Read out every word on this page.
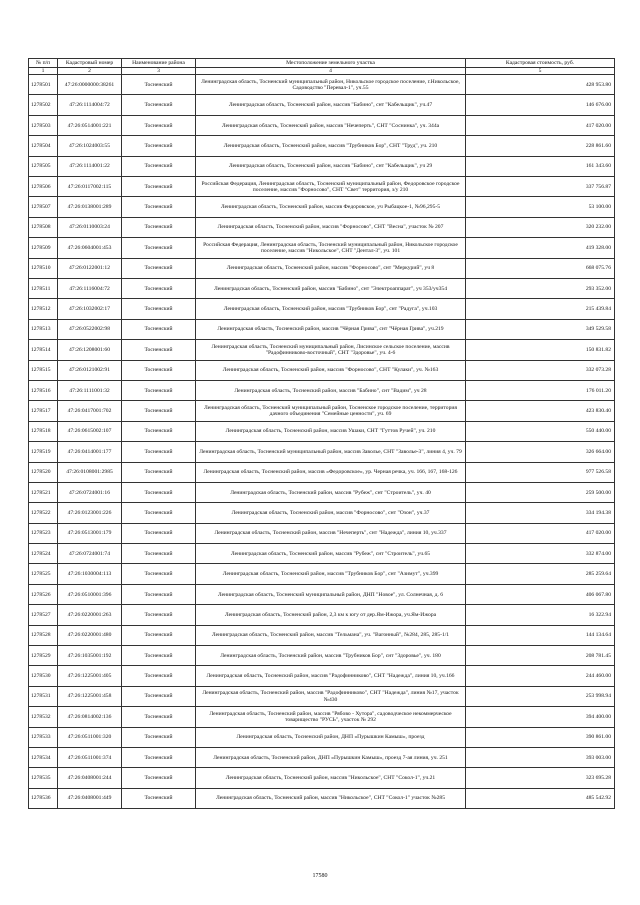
№ п/п	Кадастровый номер	Наименование района	Местоположение земельного участка	Кадастровая стоимость, руб.
1	2	3	4	5
1278501	47:26:0000000:38261	Тосненский	Ленинградская область, Тосненский муниципальный район, Никольское городское поселение, г.Никольское, Садоводство "Перевал-1", уч.55	428 953.80
1278502	47:26:1114004:72	Тосненский	Ленинградская область, Тосненский район, массив "Бабино", снт "Кабельщик", уч.47	146 676.00
1278503	47:26:0514001:221	Тосненский	Ленинградская область, Тосненский район, массив "Нечеперть", СНТ "Соснинка", уч. 344а	417 020.00
1278504	47:26:1024003:55	Тосненский	Ленинградская область, Тосненский район, массив "Трубников Бор", СНТ "Труд", уч. 210	228 861.60
1278505	47:26:1114001:22	Тосненский	Ленинградская область, Тосненский район, массив "Бабино", снт "Кабельщик", уч 29	161 343.60
1278506	47:26:0117002:115	Тосненский	Российская Федерация, Ленинградская область, Тосненский муниципальный район, Федоровское городское поселение, массив "Форносово", СНТ "Свет" территория, з/у 210	337 756.87
1278507	47:26:0138001:289	Тосненский	Ленинградская область, Тосненский район, массив Федоровское, уч Рыбацкое-1, №96,295-5	53 100.00
1278508	47:26:0110003:24	Тосненский	Ленинградская область, Тосненский район, массив "Форносово", СНТ "Весна", участок № 207	320 232.00
1278509	47:26:0604001:453	Тосненский	Российская Федерация, Ленинградская область, Тосненский муниципальный район, Никольское городское поселение, массив "Никольское", СНТ "Дентал-3", уч. 101	419 328.00
1278510	47:26:0122001:12	Тосненский	Ленинградская область, Тосненский район, массив "Форносово", снт "Меркурий", уч 8	668 075.76
1278511	47:26:1116004:72	Тосненский	Ленинградская область, Тосненский район, массив "Бабино", снт "Электроаппарат", уч 353/уч354	293 352.00
1278512	47:26:1032002:17	Тосненский	Ленинградская область, Тосненский район, массив "Трубников Бор", снт "Радуга", уч.103	215 439.84
1278513	47:26:0522002:98	Тосненский	Ленинградская область, Тосненский район, массив "Чёрная Грива", снт "Чёрная Грива", уч.219	349 529.58
1278514	47:26:1208001:60	Тосненский	Ленинградская область, Тосненский муниципальный район, Лисинское сельское поселение, массив "Радофинниково-восточный", СНТ "Здоровье", уч. 4-6	150 831.82
1278515	47:26:0121002:91	Тосненский	Ленинградская область, Тосненский район, массив "Форносово", СНТ "Кулаки", уч. №163	332 073.28
1278516	47:26:1111001:32	Тосненский	Ленинградская область, Тосненский район, массив "Бабино", снт "Вадим", уч 28	176 011.20
1278517	47:26:0417001:702	Тосненский	Ленинградская область, Тосненский муниципальный район, Тосненское городское поселение, территория дачного объединения "Семейные ценности", уч. 69	423 830.40
1278518	47:26:0615002:107	Тосненский	Ленинградская область, Тосненский район, массив Ушаки, СНТ "Гуттов Ручей", уч. 210	550 440.00
1278519	47:26:0414001:177	Тосненский	Ленинградская область, Тосненский муниципальный район, массив Заволье, СНТ "Заволье-3", линия 4, уч. 79	326 664.00
1278520	47:26:0108001:2985	Тосненский	Ленинградская область, Тосненский район, массив «Федоровское», ур. Черная речка, уч. 166, 167, 168-126	977 526.58
1278521	47:26:0724001:16	Тосненский	Ленинградская область, Тосненский район, массив "Рубеж", снт "Строитель", уч. 40	259 500.00
1278522	47:26:0123001:226	Тосненский	Ленинградская область, Тосненский район, массив "Форносово", снт "Озон", уч.37	334 194.38
1278523	47:26:0513001:179	Тосненский	Ленинградская область, Тосненский район, массив "Нечеперть", снт "Надежда", линия 10, уч.337	417 020.00
1278524	47:26:0724001:74	Тосненский	Ленинградская область, Тосненский район, массив "Рубеж", снт "Строитель", уч.65	332 874.00
1278525	47:26:1030004:113	Тосненский	Ленинградская область, Тосненский район, массив "Трубников Бор", снт "Азимут", уч.399	285 259.64
1278526	47:26:0510001:396	Тосненский	Ленинградская область, Тосненский муниципальный район, ДНП "Новое", ул. Солнечная, д. 6	406 067.80
1278527	47:26:0220001:263	Тосненский	Ленинградская область, Тосненский район, 2,3 км к югу от дер.Ям-Ижора, уч.Ям-Ижора	16 322.94
1278528	47:26:0220001:480	Тосненский	Ленинградская область, Тосненский район, массив "Тельмана", уч. "Вагонный", №284, 285, 285-1/1	144 134.64
1278529	47:26:1035001:192	Тосненский	Ленинградская область, Тосненский район, массив "Трубников Бор", снт "Здоровье", уч. 180	208 781.45
1278530	47:26:1225001:405	Тосненский	Ленинградская область, Тосненский район, массив "Радофинниково", СНТ "Надежда", линия 10, уч.166	244 460.00
1278531	47:26:1225001:458	Тосненский	Ленинградская область, Тосненский район, массив "Радофинниково", СНТ "Надежда", линия №17, участок №430	253 998.94
1278532	47:26:0814002:136	Тосненский	Ленинградская область, Тосненский район, массив "Рябово - Хутора", садоводческое некоммерческое товарищество "РУСЬ", участок № 292	394 400.00
1278533	47:26:0511001:320	Тосненский	Ленинградская область, Тосненский район, ДНП «Пурышкин Камыш», проезд	390 861.00
1278534	47:26:0511001:374	Тосненский	Ленинградская область, Тосненский район, ДНП «Пурышкин Камыш», проезд 7-ая линия, уч. 251	393 003.00
1278535	47:26:0408001:244	Тосненский	Ленинградская область, Тосненский район, массив "Никольское", СНТ "Сокол-1", уч.21	323 695.28
1278536	47:26:0408001:449	Тосненский	Ленинградская область, Тосненский район, массив "Никольское", СНТ "Сокол-1" участок №285	485 542.92
17580
